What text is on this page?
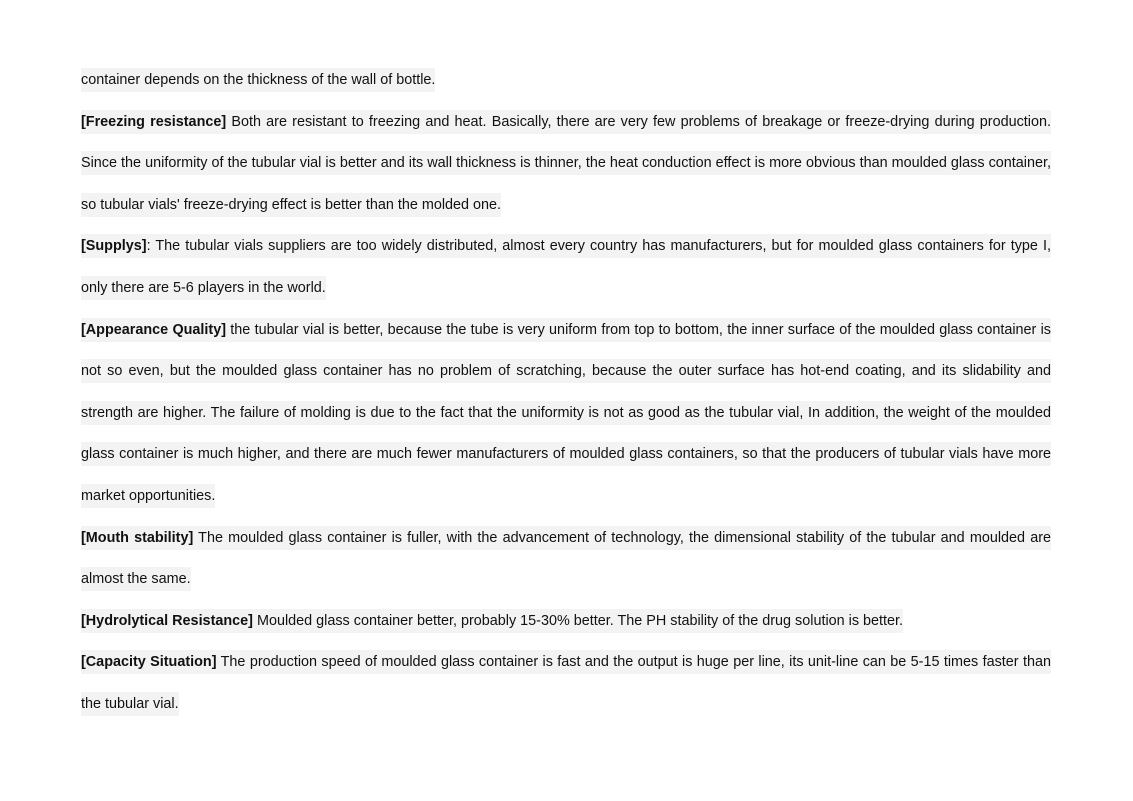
container depends on the thickness of the wall of bottle.

[Freezing resistance] Both are resistant to freezing and heat. Basically, there are very few problems of breakage or freeze-drying during production. Since the uniformity of the tubular vial is better and its wall thickness is thinner, the heat conduction effect is more obvious than moulded glass container, so tubular vials' freeze-drying effect is better than the molded one.

[Supplys]: The tubular vials suppliers are too widely distributed, almost every country has manufacturers, but for moulded glass containers for type I, only there are 5-6 players in the world.

[Appearance Quality] the tubular vial is better, because the tube is very uniform from top to bottom, the inner surface of the moulded glass container is not so even, but the moulded glass container has no problem of scratching, because the outer surface has hot-end coating, and its slidability and strength are higher. The failure of molding is due to the fact that the uniformity is not as good as the tubular vial, In addition, the weight of the moulded glass container is much higher, and there are much fewer manufacturers of moulded glass containers, so that the producers of tubular vials have more market opportunities.

[Mouth stability] The moulded glass container is fuller, with the advancement of technology, the dimensional stability of the tubular and moulded are almost the same.

[Hydrolytical Resistance] Moulded glass container better, probably 15-30% better. The PH stability of the drug solution is better.

[Capacity Situation] The production speed of moulded glass container is fast and the output is huge per line, its unit-line can be 5-15 times faster than the tubular vial.
